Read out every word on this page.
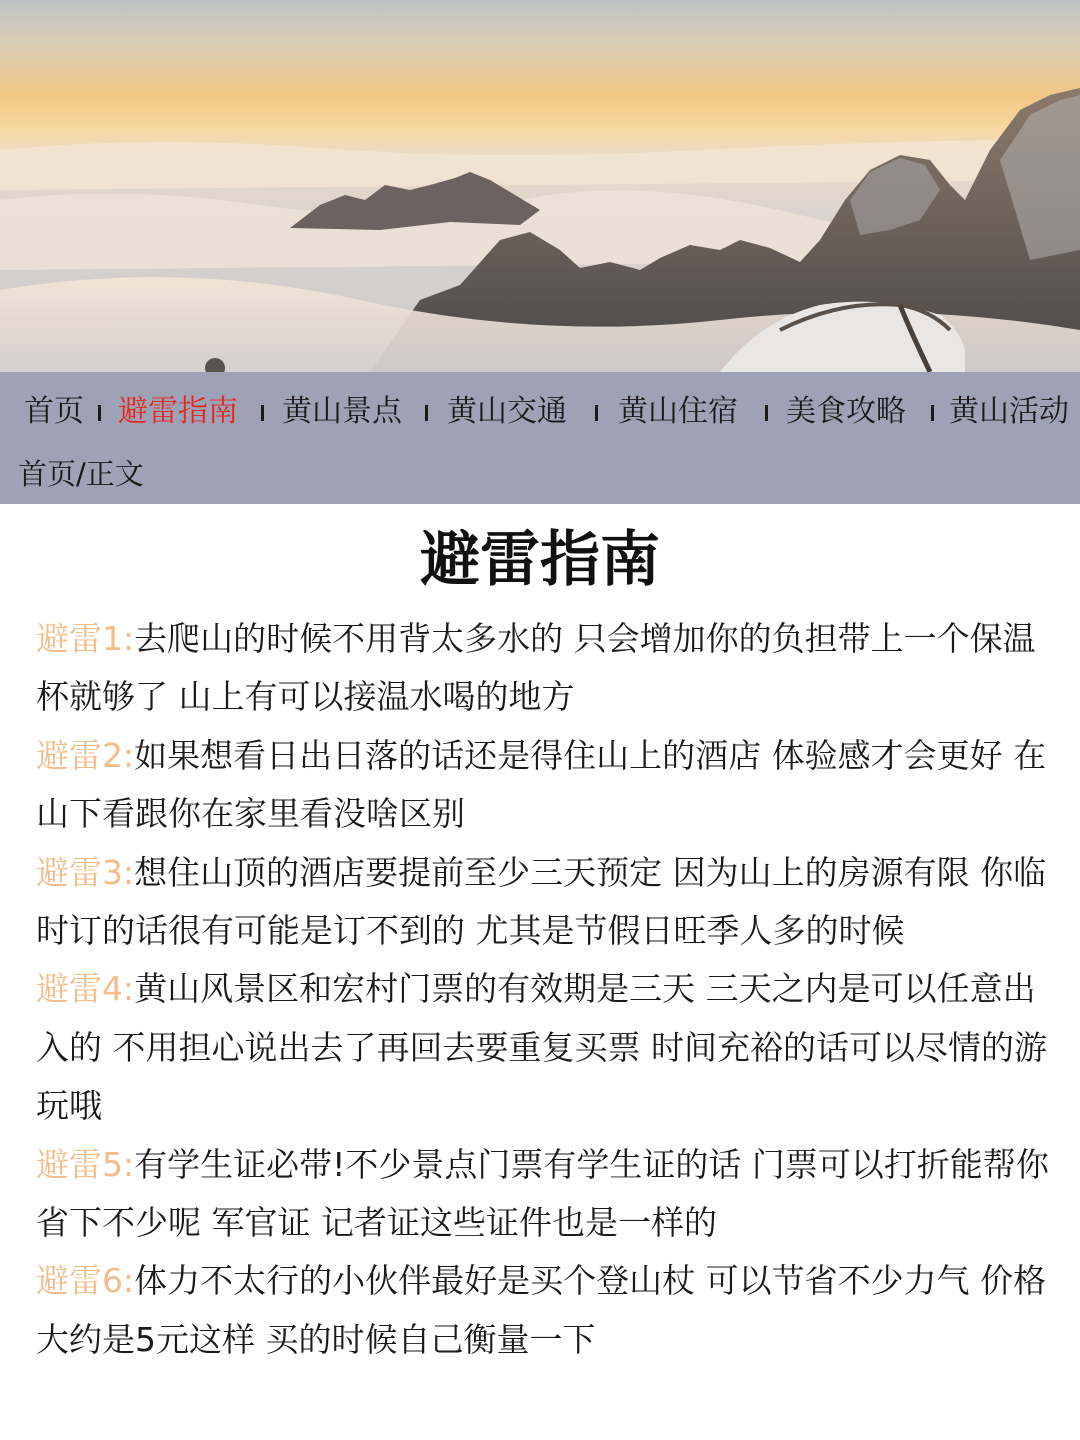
首页 避雷指南 黄山景点 黄山交通 黄山住宿 美食攻略 黄山活动
首页/正文
避雷指南

避雷1:去爬山的时候不用背太多水的 只会增加你的负担带上一个保温杯就够了 山上有可以接温水喝的地方

避雷2:如果想看日出日落的话还是得住山上的酒店 体验感才会更好 在山下看跟你在家里看没啥区别

避雷3:想住山顶的酒店要提前至少三天预定 因为山上的房源有限 你临时订的话很有可能是订不到的 尤其是节假日旺季人多的时候

避雷4:黄山风景区和宏村门票的有效期是三天 三天之内是可以任意出入的 不用担心说出去了再回去要重复买票 时间充裕的话可以尽情的游玩哦

避雷5:有学生证必带!不少景点门票有学生证的话 门票可以打折能帮你省下不少呢 军官证 记者证这些证件也是一样的

避雷6:体力不太行的小伙伴最好是买个登山杖 可以节省不少力气 价格大约是5元这样 买的时候自己衡量一下
